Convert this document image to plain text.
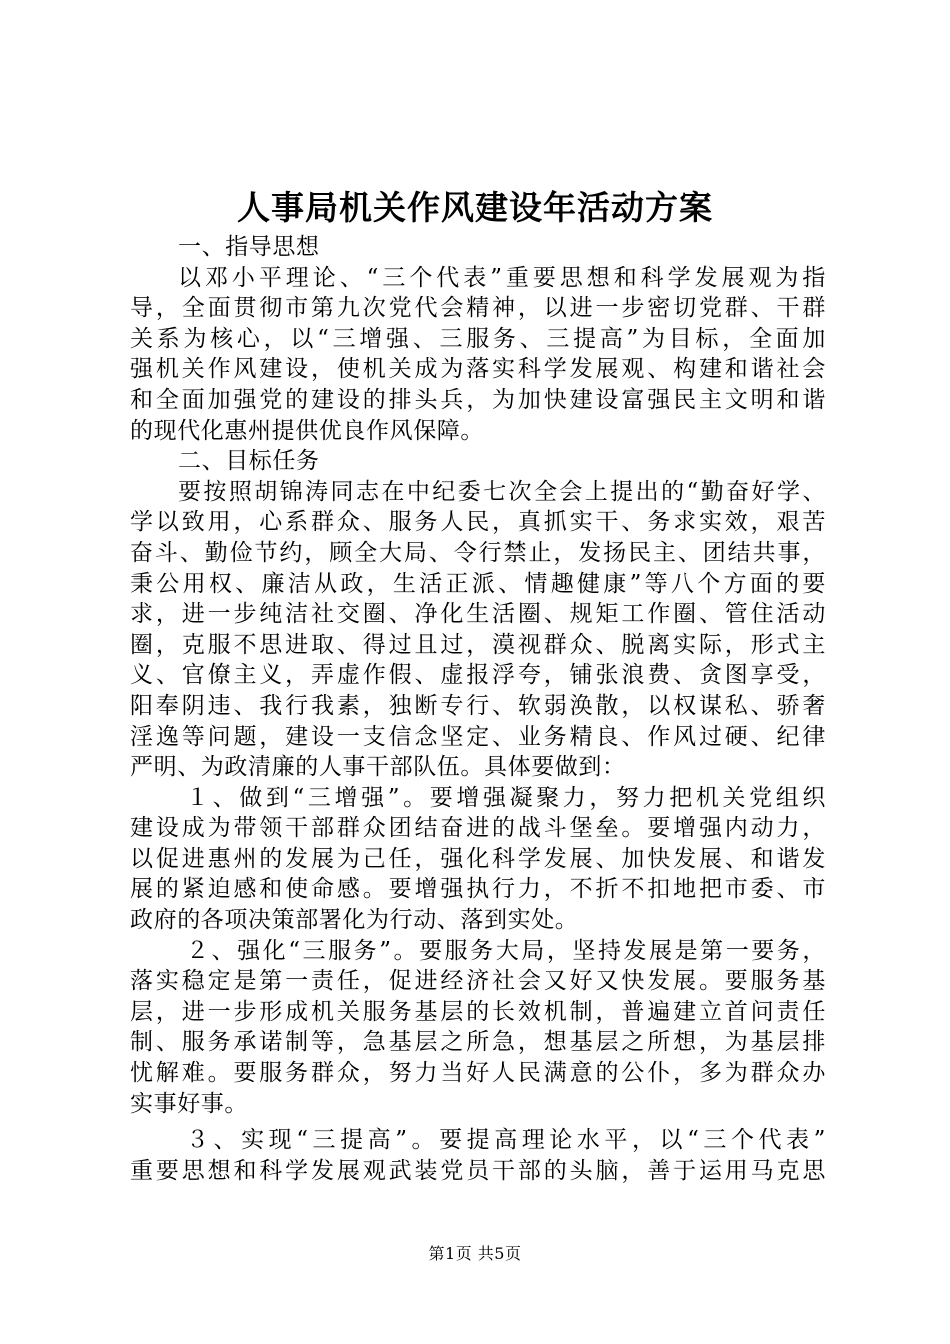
人事局机关作风建设年活动方案
一、指导思想
以邓小平理论、“三个代表”重要思想和科学发展观为指
导，全面贯彻市第九次党代会精神，以进一步密切党群、干群
关系为核心，以“三增强、三服务、三提高”为目标，全面加
强机关作风建设，使机关成为落实科学发展观、构建和谐社会
和全面加强党的建设的排头兵，为加快建设富强民主文明和谐
的现代化惠州提供优良作风保障。
二、目标任务
要按照胡锦涛同志在中纪委七次全会上提出的“勤奋好学、
学以致用，心系群众、服务人民，真抓实干、务求实效，艰苦
奋斗、勤俭节约，顾全大局、令行禁止，发扬民主、团结共事，
秉公用权、廉洁从政，生活正派、情趣健康”等八个方面的要
求，进一步纯洁社交圈、净化生活圈、规矩工作圈、管住活动
圈，克服不思进取、得过且过，漠视群众、脱离实际，形式主
义、官僚主义，弄虚作假、虚报浮夸，铺张浪费、贪图享受，
阳奉阴违、我行我素，独断专行、软弱涣散，以权谋私、骄奢
淫逸等问题，建设一支信念坚定、业务精良、作风过硬、纪律
严明、为政清廉的人事干部队伍。具体要做到：
１、做到“三增强”。要增强凝聚力，努力把机关党组织
建设成为带领干部群众团结奋进的战斗堡垒。要增强内动力，
以促进惠州的发展为己任，强化科学发展、加快发展、和谐发
展的紧迫感和使命感。要增强执行力，不折不扣地把市委、市
政府的各项决策部署化为行动、落到实处。
２、强化“三服务”。要服务大局，坚持发展是第一要务，
落实稳定是第一责任，促进经济社会又好又快发展。要服务基
层，进一步形成机关服务基层的长效机制，普遍建立首问责任
制、服务承诺制等，急基层之所急，想基层之所想，为基层排
忧解难。要服务群众，努力当好人民满意的公仆，多为群众办
实事好事。
３、实现“三提高”。要提高理论水平，以“三个代表”
重要思想和科学发展观武装党员干部的头脑，善于运用马克思
第1页 共5页
